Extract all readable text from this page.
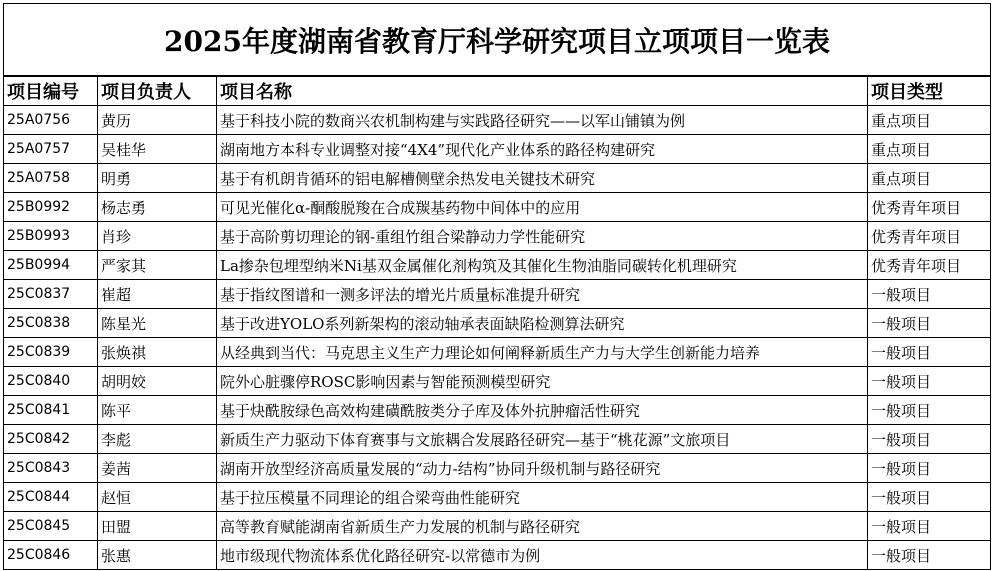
2025年度湖南省教育厅科学研究项目立项项目一览表			
项目编号	项目负责人	项目名称	项目类型
25A0756	黄历	基于科技小院的数商兴农机制构建与实践路径研究——以军山铺镇为例	重点项目
25A0757	吴桂华	湖南地方本科专业调整对接“4X4”现代化产业体系的路径构建研究	重点项目
25A0758	明勇	基于有机朗肯循环的铝电解槽侧壁余热发电关键技术研究	重点项目
25B0992	杨志勇	可见光催化α-酮酸脱羧在合成羰基药物中间体中的应用	优秀青年项目
25B0993	肖珍	基于高阶剪切理论的钢-重组竹组合梁静动力学性能研究	优秀青年项目
25B0994	严家其	La掺杂包埋型纳米Ni基双金属催化剂构筑及其催化生物油脂同碳转化机理研究	优秀青年项目
25C0837	崔超	基于指纹图谱和一测多评法的增光片质量标准提升研究	一般项目
25C0838	陈星光	基于改进YOLO系列新架构的滚动轴承表面缺陷检测算法研究	一般项目
25C0839	张焕祺	从经典到当代：马克思主义生产力理论如何阐释新质生产力与大学生创新能力培养	一般项目
25C0840	胡明姣	院外心脏骤停ROSC影响因素与智能预测模型研究	一般项目
25C0841	陈平	基于炔酰胺绿色高效构建磺酰胺类分子库及体外抗肿瘤活性研究	一般项目
25C0842	李彪	新质生产力驱动下体育赛事与文旅耦合发展路径研究—基于“桃花源”文旅项目	一般项目
25C0843	姜茜	湖南开放型经济高质量发展的“动力-结构”协同升级机制与路径研究	一般项目
25C0844	赵恒	基于拉压模量不同理论的组合梁弯曲性能研究	一般项目
25C0845	田盟	高等教育赋能湖南省新质生产力发展的机制与路径研究	一般项目
25C0846	张惠	地市级现代物流体系优化路径研究-以常德市为例	一般项目
